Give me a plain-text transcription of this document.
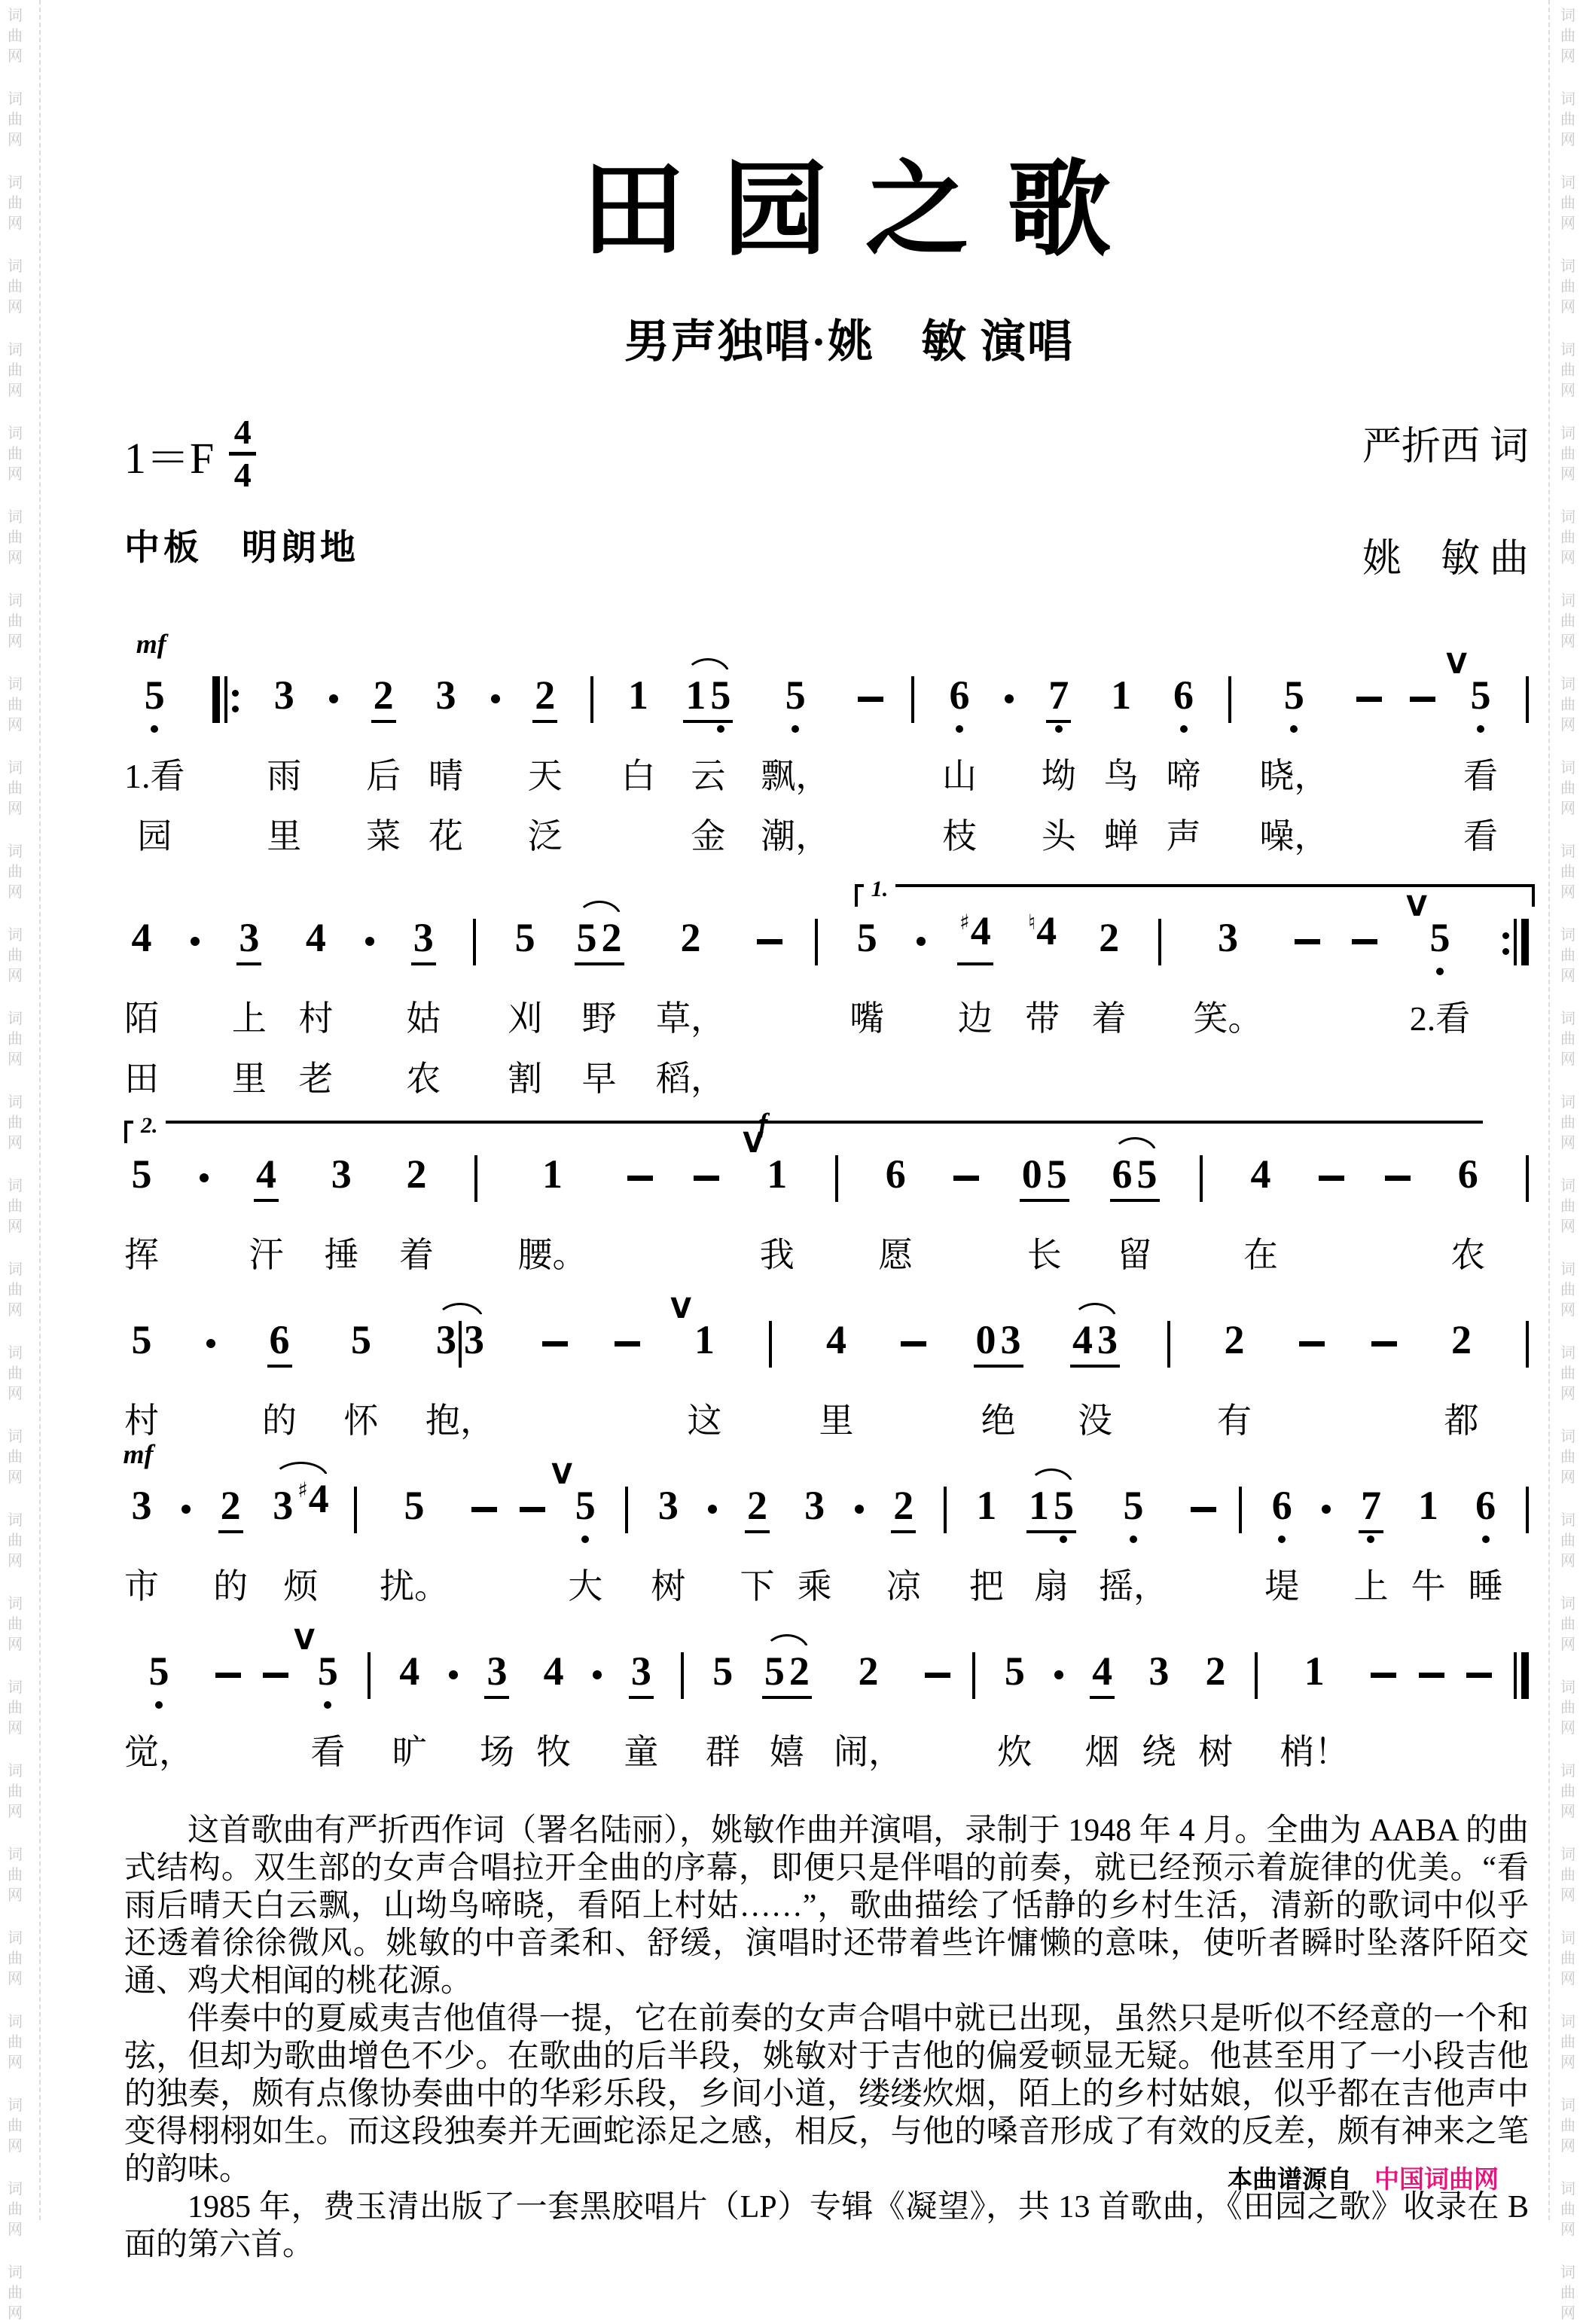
词
曲
网
词
曲
网
词
曲
网
词
曲
网
词
曲
网
词
曲
网
词
曲
网
词
曲
网
词
曲
网
词
曲
网
词
曲
网
词
曲
网
词
曲
网
词
曲
网
词
曲
网
词
曲
网
词
曲
网
词
曲
网
词
曲
网
词
曲
网
词
曲
网
词
曲
网
词
曲
网
词
曲
网
词
曲
网
词
曲
网
词
曲
网
词
曲
网
词
曲
网
词
曲
网
词
曲
网
词
曲
网
词
曲
网
词
曲
网
词
曲
网
词
曲
网
词
曲
网
词
曲
网
词
曲
网
词
曲
网
词
曲
网
词
曲
网
词
曲
网
词
曲
网
词
曲
网
词
曲
网
词
曲
网
词
曲
网
词
曲
网
词
曲
网
词
曲
网
词
曲
网
词
曲
网
词
曲
网
词
曲
网
词
曲
网
田 园 之 歌
男声独唱·姚　敏 演唱
1＝F
4
4
中板　明朗地
严折西 词
姚　敏 曲
5
mf
1.看
园
3
雨
里
2
后
菜
3
晴
花
2
天
泛
1
白
1 5
云
金
5
飘，
潮，
6
山
枝
7
坳
头
1
鸟
蝉
6
啼
声
5
晓，
噪，
5
V
看
看
1.
4
陌
田
3
上
里
4
村
老
3
姑
农
5
刈
割
5 2
野
早
2
草，
稻，
5
嘴
♯4
边
♮4
带
2
着
3
笑。
5
V
2.看
2.
5
挥
4
汗
3
捶
2
着
1
腰。
1
f
V
我
6
愿
0 5
长
6 5
留
4
在
6
农
5
村
6
的
5
怀
3 3
抱，
1
V
这
4
里
0 3
绝
4 3
没
2
有
2
都
3
mf
市
2
的
3 ♯4
烦
5
扰。
5
V
大
3
树
2
下
3
乘
2
凉
1
把
1 5
扇
5
摇，
6
堤
7
上
1
牛
6
睡
5
觉，
5
V
看
4
旷
3
场
4
牧
3
童
5
群
5 2
嬉
2
闹，
5
炊
4
烟
3
绕
2
树
1
梢！

这首歌曲有严折西作词（署名陆丽），姚敏作曲并演唱，录制于 1948 年 4 月。全曲为 AABA 的曲式结构。双生部的女声合唱拉开全曲的序幕，即便只是伴唱的前奏，就已经预示着旋律的优美。“看雨后晴天白云飘，山坳鸟啼晓，看陌上村姑……”，歌曲描绘了恬静的乡村生活，清新的歌词中似乎还透着徐徐微风。姚敏的中音柔和、舒缓，演唱时还带着些许慵懒的意味，使听者瞬时坠落阡陌交通、鸡犬相闻的桃花源。

伴奏中的夏威夷吉他值得一提，它在前奏的女声合唱中就已出现，虽然只是听似不经意的一个和弦，但却为歌曲增色不少。在歌曲的后半段，姚敏对于吉他的偏爱顿显无疑。他甚至用了一小段吉他的独奏，颇有点像协奏曲中的华彩乐段，乡间小道，缕缕炊烟，陌上的乡村姑娘，似乎都在吉他声中变得栩栩如生。而这段独奏并无画蛇添足之感，相反，与他的嗓音形成了有效的反差，颇有神来之笔的韵味。

1985 年，费玉清出版了一套黑胶唱片（LP）专辑《凝望》，共 13 首歌曲，《田园之歌》收录在 B 面的第六首。

本曲谱源自 中国词曲网
